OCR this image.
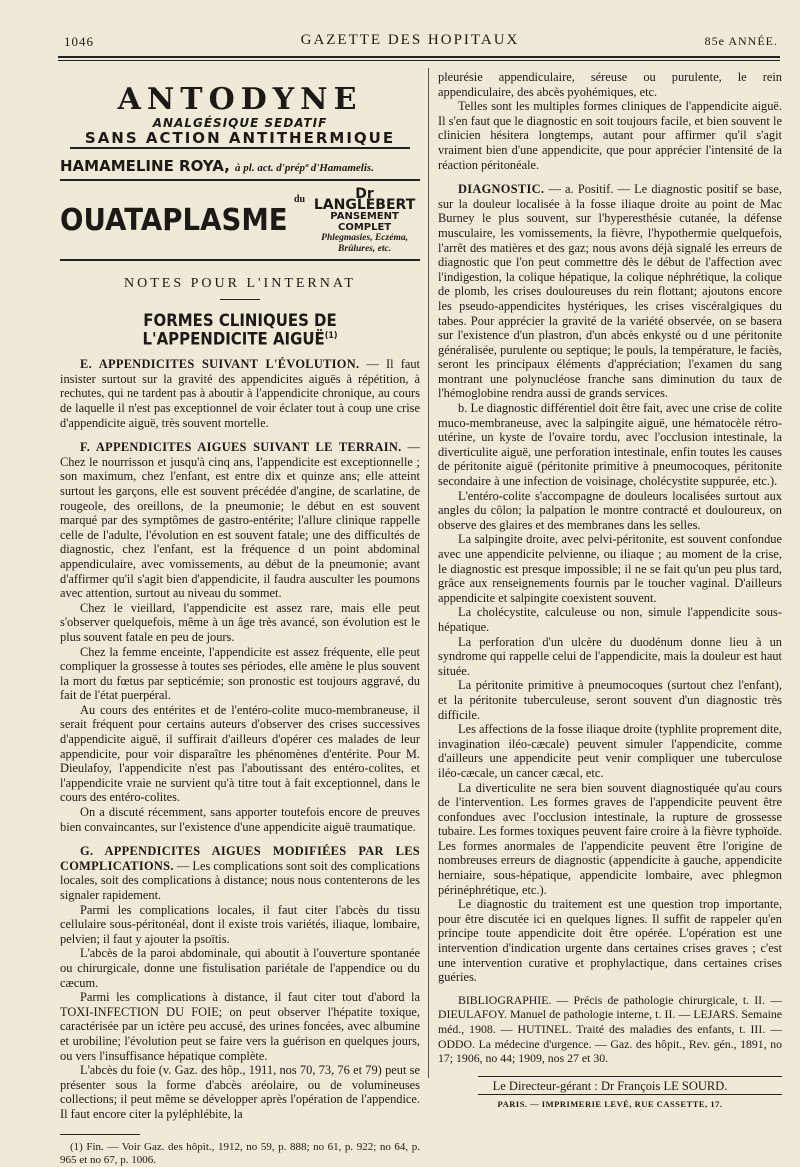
1046	GAZETTE DES HOPITAUX	85e ANNÉE.
ANTODYNE
ANALGÉSIQUE SEDATIF
SANS ACTION ANTITHERMIQUE
HAMAMELINE ROYA, à pl. act. d'prépª d'Hamamelis.
OUATAPLASME
du	Dr LANGLEBERT
PANSEMENT COMPLET
Phlegmasies, Eczéma, Brûlures, etc.
NOTES POUR L'INTERNAT
FORMES CLINIQUES DE L'APPENDICITE AIGUË$^{(1)}$

E. APPENDICITES SUIVANT L'ÉVOLUTION. — Il faut insister surtout sur la gravité des appendicites aiguës à répétition, à rechutes, qui ne tardent pas à aboutir à l'appendicite chronique, au cours de laquelle il n'est pas exceptionnel de voir éclater tout à coup une crise d'appendicite aiguë, très souvent mortelle.

F. APPENDICITES AIGUES SUIVANT LE TERRAIN. — Chez le nourrisson et jusqu'à cinq ans, l'appendicite est exceptionnelle ; son maximum, chez l'enfant, est entre dix et quinze ans; elle atteint surtout les garçons, elle est souvent précédée d'angine, de scarlatine, de rougeole, des oreillons, de la pneumonie; le début en est souvent marqué par des symptômes de gastro-entérite; l'allure clinique rappelle celle de l'adulte, l'évolution en est souvent fatale; une des difficultés de diagnostic, chez l'enfant, est la fréquence d un point abdominal appendiculaire, avec vomissements, au début de la pneumonie; avant d'affirmer qu'il s'agit bien d'appendicite, il faudra ausculter les poumons avec attention, surtout au niveau du sommet.

Chez le vieillard, l'appendicite est assez rare, mais elle peut s'observer quelquefois, même à un âge très avancé, son évolution est le plus souvent fatale en peu de jours.

Chez la femme enceinte, l'appendicite est assez fréquente, elle peut compliquer la grossesse à toutes ses périodes, elle amène le plus souvent la mort du fœtus par septicémie; son pronostic est toujours aggravé, du fait de l'état puerpéral.

Au cours des entérites et de l'entéro-colite muco-membraneuse, il serait fréquent pour certains auteurs d'observer des crises successives d'appendicite aiguë, il suffirait d'ailleurs d'opérer ces malades de leur appendicite, pour voir disparaître les phénomènes d'entérite. Pour M. Dieulafoy, l'appendicite n'est pas l'aboutissant des entéro-colites, et l'appendicite vraie ne survient qu'à titre tout à fait exceptionnel, dans le cours des entéro-colites.

On a discuté récemment, sans apporter toutefois encore de preuves bien convaincantes, sur l'existence d'une appendicite aiguë traumatique.

G. APPENDICITES AIGUES MODIFIÉES PAR LES COMPLICATIONS. — Les complications sont soit des complications locales, soit des complications à distance; nous nous contenterons de les signaler rapidement.

Parmi les complications locales, il faut citer l'abcès du tissu cellulaire sous-péritonéal, dont il existe trois variétés, iliaque, lombaire, pelvien; il faut y ajouter la psoïtis.

L'abcès de la paroi abdominale, qui aboutit à l'ouverture spontanée ou chirurgicale, donne une fistulisation pariétale de l'appendice ou du cæcum.

Parmi les complications à distance, il faut citer tout d'abord la TOXI-INFECTION DU FOIE; on peut observer l'hépatite toxique, caractérisée par un ictère peu accusé, des urines foncées, avec albumine et urobiline; l'évolution peut se faire vers la guérison en quelques jours, ou vers l'insuffisance hépatique complète.

L'abcès du foie (v. Gaz. des hôp., 1911, nos 70, 73, 76 et 79) peut se présenter sous la forme d'abcès aréolaire, ou de volumineuses collections; il peut même se développer après l'opération de l'appendice. Il faut encore citer la pyléphlébite, la

(1) Fin. — Voir Gaz. des hôpit., 1912, no 59, p. 888; no 61, p. 922; no 64, p. 965 et no 67, p. 1006.

pleurésie appendiculaire, séreuse ou purulente, le rein appendiculaire, des abcès pyohémiques, etc.

Telles sont les multiples formes cliniques de l'appendicite aiguë. Il s'en faut que le diagnostic en soit toujours facile, et bien souvent le clinicien hésitera longtemps, autant pour affirmer qu'il s'agit vraiment bien d'une appendicite, que pour apprécier l'intensité de la réaction péritonéale.

DIAGNOSTIC. — a. Positif. — Le diagnostic positif se base, sur la douleur localisée à la fosse iliaque droite au point de Mac Burney le plus souvent, sur l'hyperesthésie cutanée, la défense musculaire, les vomissements, la fièvre, l'hypothermie quelquefois, l'arrêt des matières et des gaz; nous avons déjà signalé les erreurs de diagnostic que l'on peut commettre dès le début de l'affection avec l'indigestion, la colique hépatique, la colique néphrétique, la colique de plomb, les crises douloureuses du rein flottant; ajoutons encore les pseudo-appendicites hystériques, les crises viscéralgiques du tabes. Pour apprécier la gravité de la variété observée, on se basera sur l'existence d'un plastron, d'un abcès enkysté ou d une péritonite généralisée, purulente ou septique; le pouls, la température, le faciès, seront les principaux éléments d'appréciation; l'examen du sang montrant une polynucléose franche sans diminution du taux de l'hémoglobine rendra aussi de grands services.

b. Le diagnostic différentiel doit être fait, avec une crise de colite muco-membraneuse, avec la salpingite aiguë, une hématocèle rétro-utérine, un kyste de l'ovaire tordu, avec l'occlusion intestinale, la diverticulite aiguë, une perforation intestinale, enfin toutes les causes de péritonite aiguë (péritonite primitive à pneumocoques, péritonite secondaire à une infection de voisinage, cholécystite suppurée, etc.).

L'entéro-colite s'accompagne de douleurs localisées surtout aux angles du côlon; la palpation le montre contracté et douloureux, on observe des glaires et des membranes dans les selles.

La salpingite droite, avec pelvi-péritonite, est souvent confondue avec une appendicite pelvienne, ou iliaque ; au moment de la crise, le diagnostic est presque impossible; il ne se fait qu'un peu plus tard, grâce aux renseignements fournis par le toucher vaginal. D'ailleurs appendicite et salpingite coexistent souvent.

La cholécystite, calculeuse ou non, simule l'appendicite sous-hépatique.

La perforation d'un ulcère du duodénum donne lieu à un syndrome qui rappelle celui de l'appendicite, mais la douleur est haut située.

La péritonite primitive à pneumocoques (surtout chez l'enfant), et la péritonite tuberculeuse, seront souvent d'un diagnostic très difficile.

Les affections de la fosse iliaque droite (typhlite proprement dite, invagination iléo-cæcale) peuvent simuler l'appendicite, comme d'ailleurs une appendicite peut venir compliquer une tuberculose iléo-cæcale, un cancer cæcal, etc.

La diverticulite ne sera bien souvent diagnostiquée qu'au cours de l'intervention. Les formes graves de l'appendicite peuvent être confondues avec l'occlusion intestinale, la rupture de grossesse tubaire. Les formes toxiques peuvent faire croire à la fièvre typhoïde. Les formes anormales de l'appendicite peuvent être l'origine de nombreuses erreurs de diagnostic (appendicite à gauche, appendicite herniaire, sous-hépatique, appendicite lombaire, avec phlegmon périnéphrétique, etc.).

Le diagnostic du traitement est une question trop importante, pour être discutée ici en quelques lignes. Il suffit de rappeler qu'en principe toute appendicite doit être opérée. L'opération est une intervention d'indication urgente dans certaines crises graves ; c'est une intervention curative et prophylactique, dans certaines crises guéries.

BIBLIOGRAPHIE. — Précis de pathologie chirurgicale, t. II. — DIEULAFOY. Manuel de pathologie interne, t. II. — LEJARS. Semaine méd., 1908. — HUTINEL. Traité des maladies des enfants, t. III. — ODDO. La médecine d'urgence. — Gaz. des hôpit., Rev. gén., 1891, no 17; 1906, no 44; 1909, nos 27 et 30.

Le Directeur-gérant : Dr François LE SOURD.
PARIS. — IMPRIMERIE LEVÉ, RUE CASSETTE, 17.
